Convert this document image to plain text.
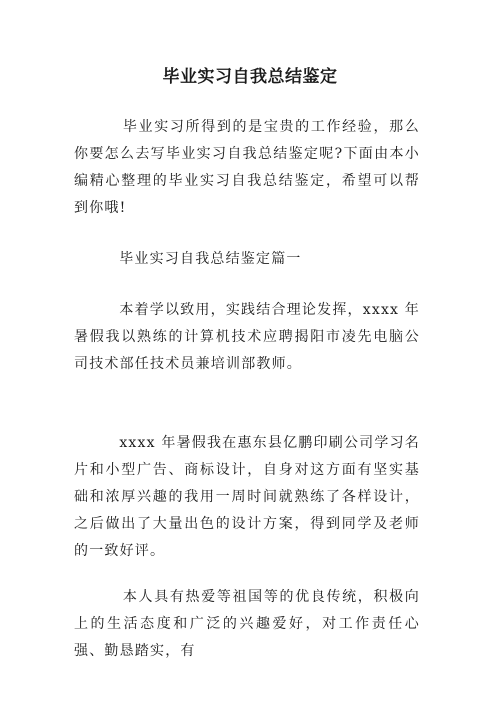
毕业实习自我总结鉴定

毕业实习所得到的是宝贵的工作经验，那么你要怎么去写毕业实习自我总结鉴定呢?下面由本小编精心整理的毕业实习自我总结鉴定，希望可以帮到你哦!

毕业实习自我总结鉴定篇一

本着学以致用，实践结合理论发挥，xxxx 年暑假我以熟练的计算机技术应聘揭阳市凌先电脑公司技术部任技术员兼培训部教师。

xxxx 年暑假我在惠东县亿鹏印刷公司学习名片和小型广告、商标设计，自身对这方面有坚实基础和浓厚兴趣的我用一周时间就熟练了各样设计，之后做出了大量出色的设计方案，得到同学及老师的一致好评。

本人具有热爱等祖国等的优良传统，积极向上的生活态度和广泛的兴趣爱好，对工作责任心强、勤恳踏实，有
